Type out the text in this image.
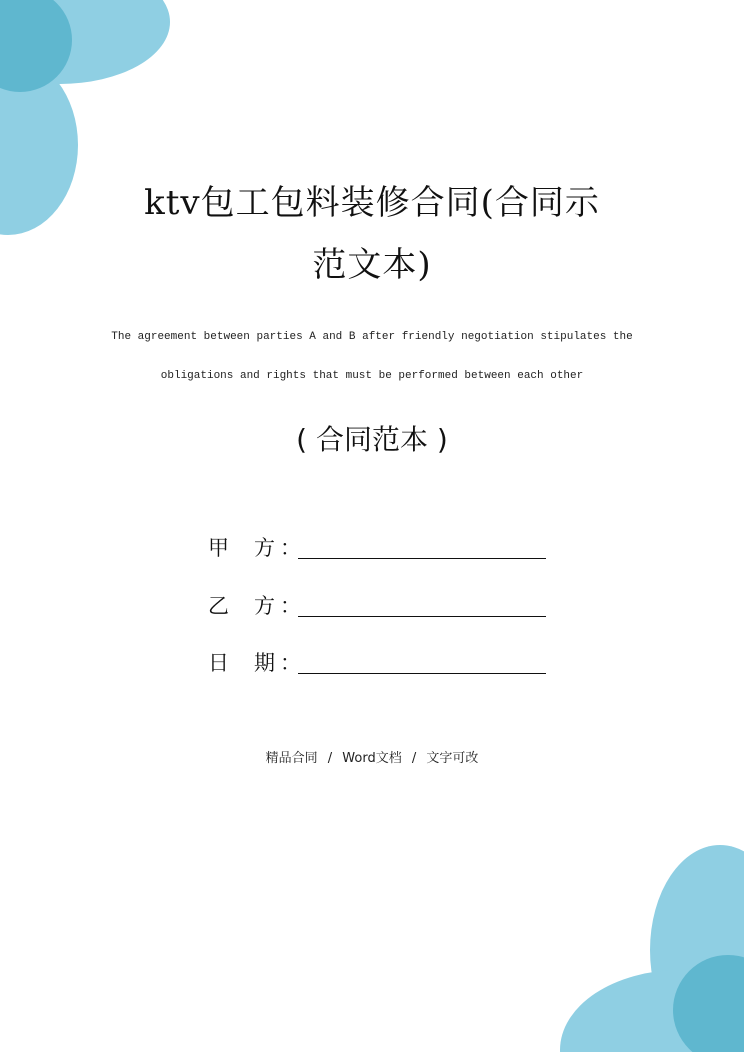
ktv包工包料装修合同(合同示
范文本)
The agreement between parties A and B after friendly negotiation stipulates the
obligations and rights that must be performed between each other
( 合同范本 )
甲 方 ：
乙 方 ：
日 期 ：
精品合同 / Word文档 / 文字可改
